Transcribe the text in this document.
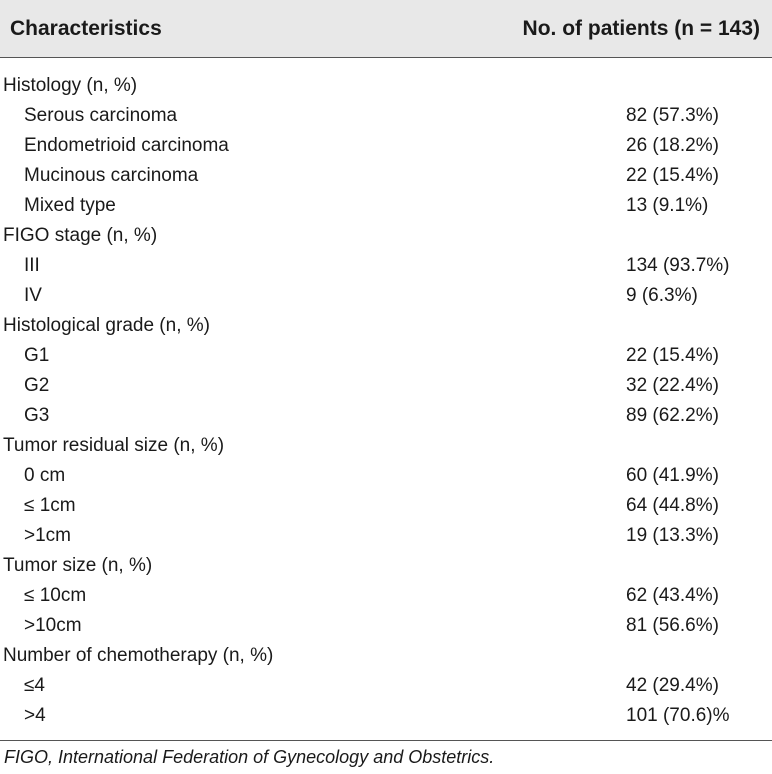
Characteristics	No. of patients (n = 143)
Histology (n, %)
Serous carcinoma	82 (57.3%)
Endometrioid carcinoma	26 (18.2%)
Mucinous carcinoma	22 (15.4%)
Mixed type	13 (9.1%)
FIGO stage (n, %)
III	134 (93.7%)
IV	9 (6.3%)
Histological grade (n, %)
G1	22 (15.4%)
G2	32 (22.4%)
G3	89 (62.2%)
Tumor residual size (n, %)
0 cm	60 (41.9%)
≤ 1cm	64 (44.8%)
>1cm	19 (13.3%)
Tumor size (n, %)
≤ 10cm	62 (43.4%)
>10cm	81 (56.6%)
Number of chemotherapy (n, %)
≤4	42 (29.4%)
>4	101 (70.6)%
FIGO, International Federation of Gynecology and Obstetrics.
